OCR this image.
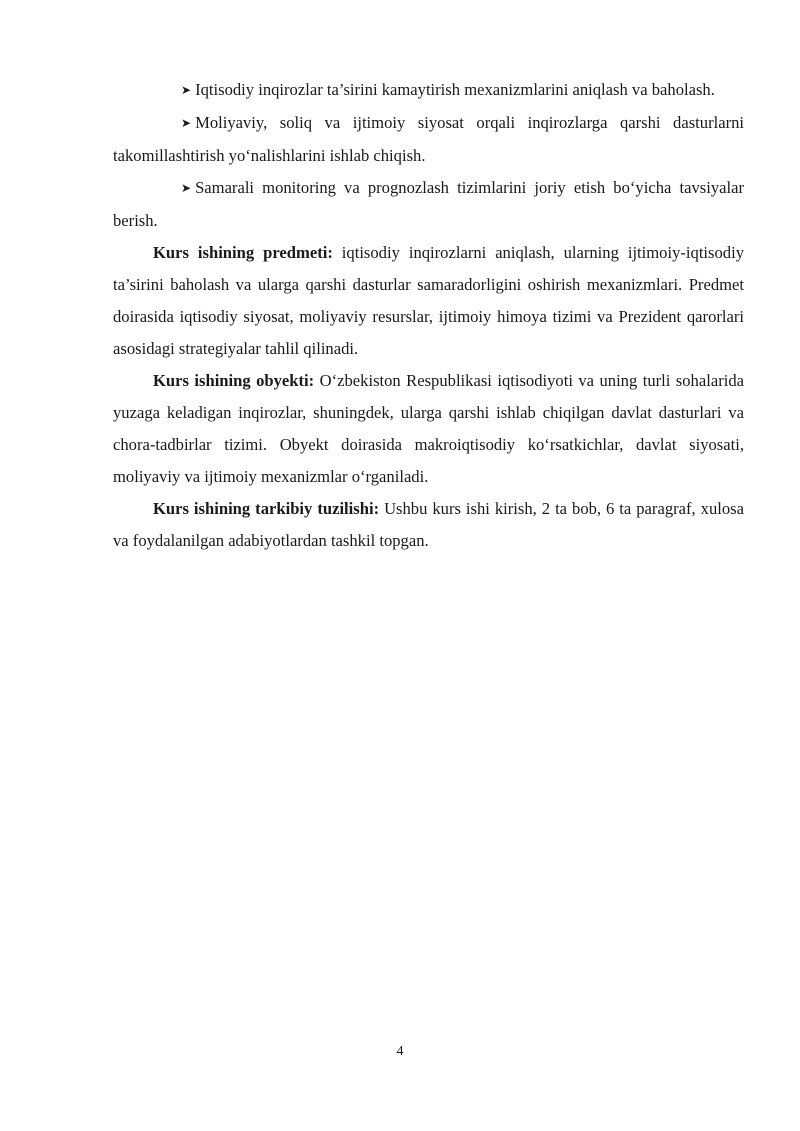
➤ Iqtisodiy inqirozlar ta’sirini kamaytirish mexanizmlarini aniqlash va baholash.

➤ Moliyaviy, soliq va ijtimoiy siyosat orqali inqirozlarga qarshi dasturlarni takomillashtirish yo‘nalishlarini ishlab chiqish.

➤ Samarali monitoring va prognozlash tizimlarini joriy etish bo‘yicha tavsiyalar berish.

Kurs ishining predmeti: iqtisodiy inqirozlarni aniqlash, ularning ijtimoiy-iqtisodiy ta’sirini baholash va ularga qarshi dasturlar samaradorligini oshirish mexanizmlari. Predmet doirasida iqtisodiy siyosat, moliyaviy resurslar, ijtimoiy himoya tizimi va Prezident qarorlari asosidagi strategiyalar tahlil qilinadi.

Kurs ishining obyekti: O‘zbekiston Respublikasi iqtisodiyoti va uning turli sohalarida yuzaga keladigan inqirozlar, shuningdek, ularga qarshi ishlab chiqilgan davlat dasturlari va chora-tadbirlar tizimi. Obyekt doirasida makroiqtisodiy ko‘rsatkichlar, davlat siyosati, moliyaviy va ijtimoiy mexanizmlar o‘rganiladi.

Kurs ishining tarkibiy tuzilishi: Ushbu kurs ishi kirish, 2 ta bob, 6 ta paragraf, xulosa va foydalanilgan adabiyotlardan tashkil topgan.

4
